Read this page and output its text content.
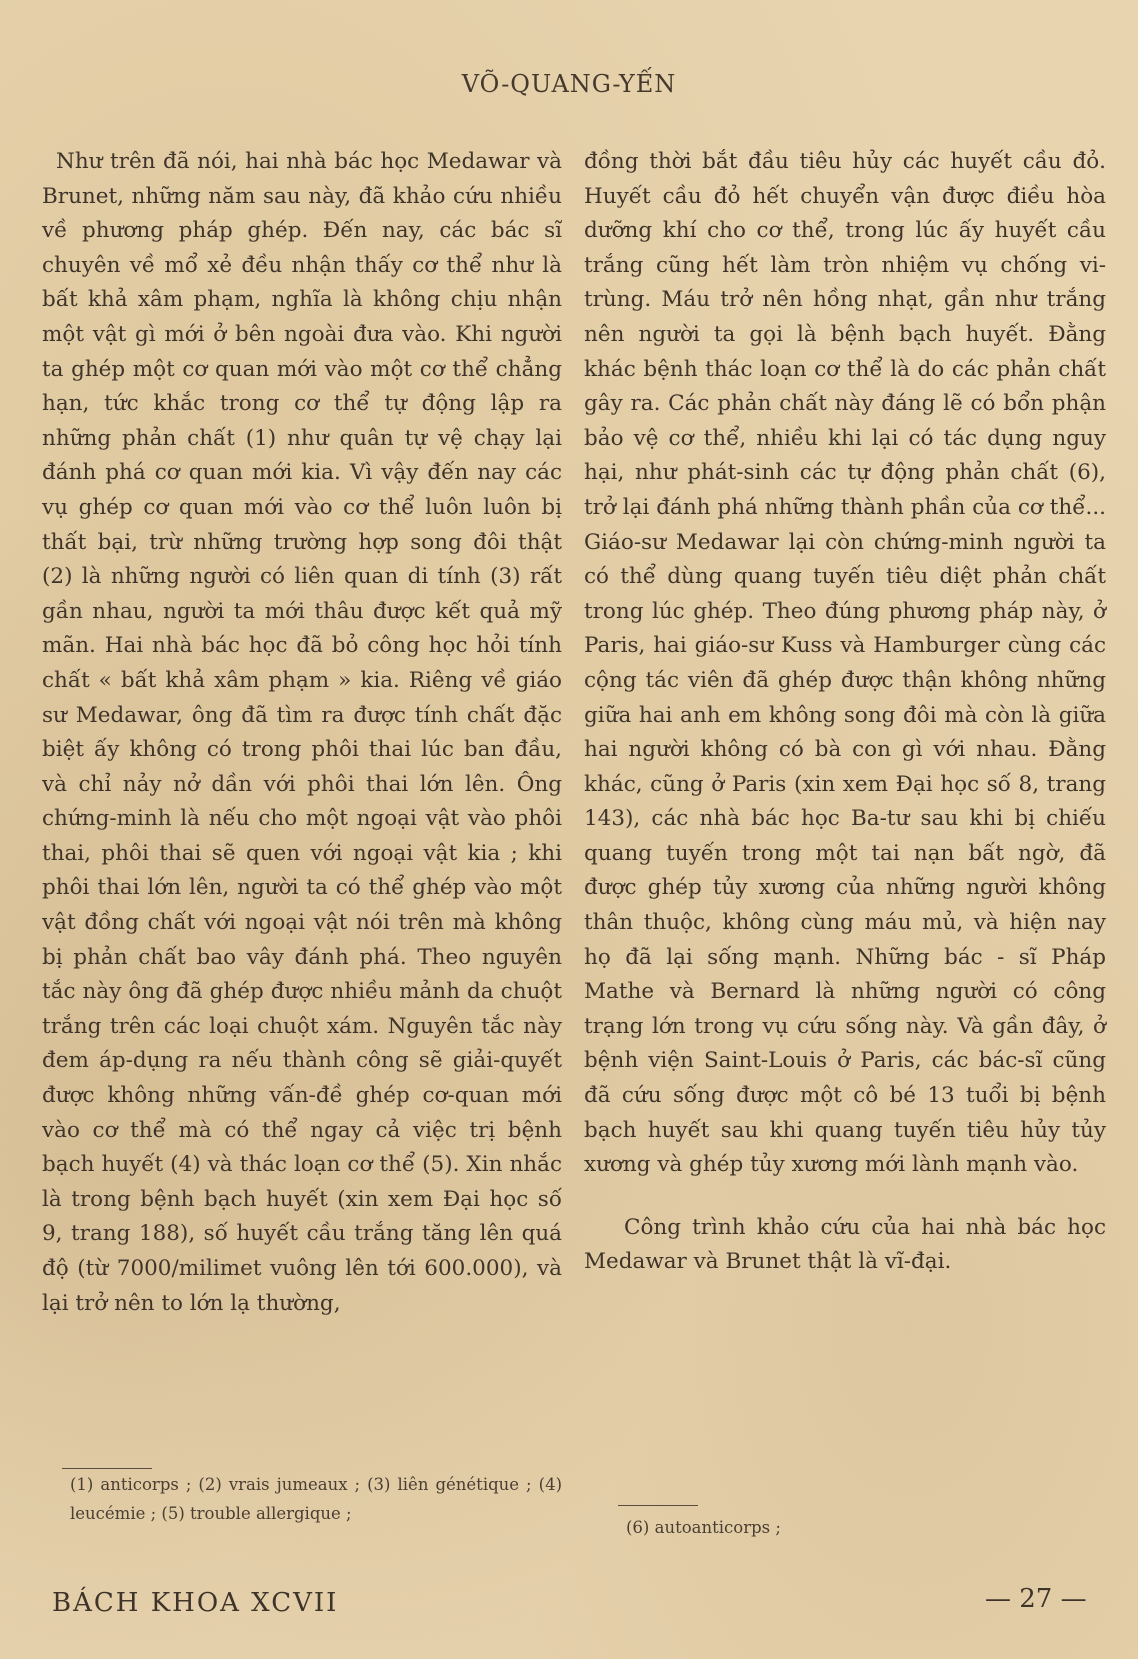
VÕ-QUANG-YẾN

Như trên đã nói, hai nhà bác học Medawar và Brunet, những năm sau này, đã khảo cứu nhiều về phương pháp ghép. Đến nay, các bác sĩ chuyên về mổ xẻ đều nhận thấy cơ thể như là bất khả xâm phạm, nghĩa là không chịu nhận một vật gì mới ở bên ngoài đưa vào. Khi người ta ghép một cơ quan mới vào một cơ thể chẳng hạn, tức khắc trong cơ thể tự động lập ra những phản chất (1) như quân tự vệ chạy lại đánh phá cơ quan mới kia. Vì vậy đến nay các vụ ghép cơ quan mới vào cơ thể luôn luôn bị thất bại, trừ những trường hợp song đôi thật (2) là những người có liên quan di tính (3) rất gần nhau, người ta mới thâu được kết quả mỹ mãn. Hai nhà bác học đã bỏ công học hỏi tính chất « bất khả xâm phạm » kia. Riêng về giáo sư Medawar, ông đã tìm ra được tính chất đặc biệt ấy không có trong phôi thai lúc ban đầu, và chỉ nảy nở dần với phôi thai lớn lên. Ông chứng-minh là nếu cho một ngoại vật vào phôi thai, phôi thai sẽ quen với ngoại vật kia ; khi phôi thai lớn lên, người ta có thể ghép vào một vật đồng chất với ngoại vật nói trên mà không bị phản chất bao vây đánh phá. Theo nguyên tắc này ông đã ghép được nhiều mảnh da chuột trắng trên các loại chuột xám. Nguyên tắc này đem áp-dụng ra nếu thành công sẽ giải-quyết được không những vấn-đề ghép cơ-quan mới vào cơ thể mà có thể ngay cả việc trị bệnh bạch huyết (4) và thác loạn cơ thể (5). Xin nhắc là trong bệnh bạch huyết (xin xem Đại học số 9, trang 188), số huyết cầu trắng tăng lên quá độ (từ 7000/milimet vuông lên tới 600.000), và lại trở nên to lớn lạ thường,

đồng thời bắt đầu tiêu hủy các huyết cầu đỏ. Huyết cầu đỏ hết chuyển vận được điều hòa dưỡng khí cho cơ thể, trong lúc ấy huyết cầu trắng cũng hết làm tròn nhiệm vụ chống vi-trùng. Máu trở nên hồng nhạt, gần như trắng nên người ta gọi là bệnh bạch huyết. Đằng khác bệnh thác loạn cơ thể là do các phản chất gây ra. Các phản chất này đáng lẽ có bổn phận bảo vệ cơ thể, nhiều khi lại có tác dụng nguy hại, như phát-sinh các tự động phản chất (6), trở lại đánh phá những thành phần của cơ thể... Giáo-sư Medawar lại còn chứng-minh người ta có thể dùng quang tuyến tiêu diệt phản chất trong lúc ghép. Theo đúng phương pháp này, ở Paris, hai giáo-sư Kuss và Hamburger cùng các cộng tác viên đã ghép được thận không những giữa hai anh em không song đôi mà còn là giữa hai người không có bà con gì với nhau. Đằng khác, cũng ở Paris (xin xem Đại học số 8, trang 143), các nhà bác học Ba-tư sau khi bị chiếu quang tuyến trong một tai nạn bất ngờ, đã được ghép tủy xương của những người không thân thuộc, không cùng máu mủ, và hiện nay họ đã lại sống mạnh. Những bác - sĩ Pháp Mathe và Bernard là những người có công trạng lớn trong vụ cứu sống này. Và gần đây, ở bệnh viện Saint-Louis ở Paris, các bác-sĩ cũng đã cứu sống được một cô bé 13 tuổi bị bệnh bạch huyết sau khi quang tuyến tiêu hủy tủy xương và ghép tủy xương mới lành mạnh vào.

Công trình khảo cứu của hai nhà bác học Medawar và Brunet thật là vĩ-đại.

(1) anticorps ; (2) vrais jumeaux ; (3) liên génétique ; (4) leucémie ; (5) trouble allergique ;
(6) autoanticorps ;
BÁCH KHOA XCVII	— 27 —
